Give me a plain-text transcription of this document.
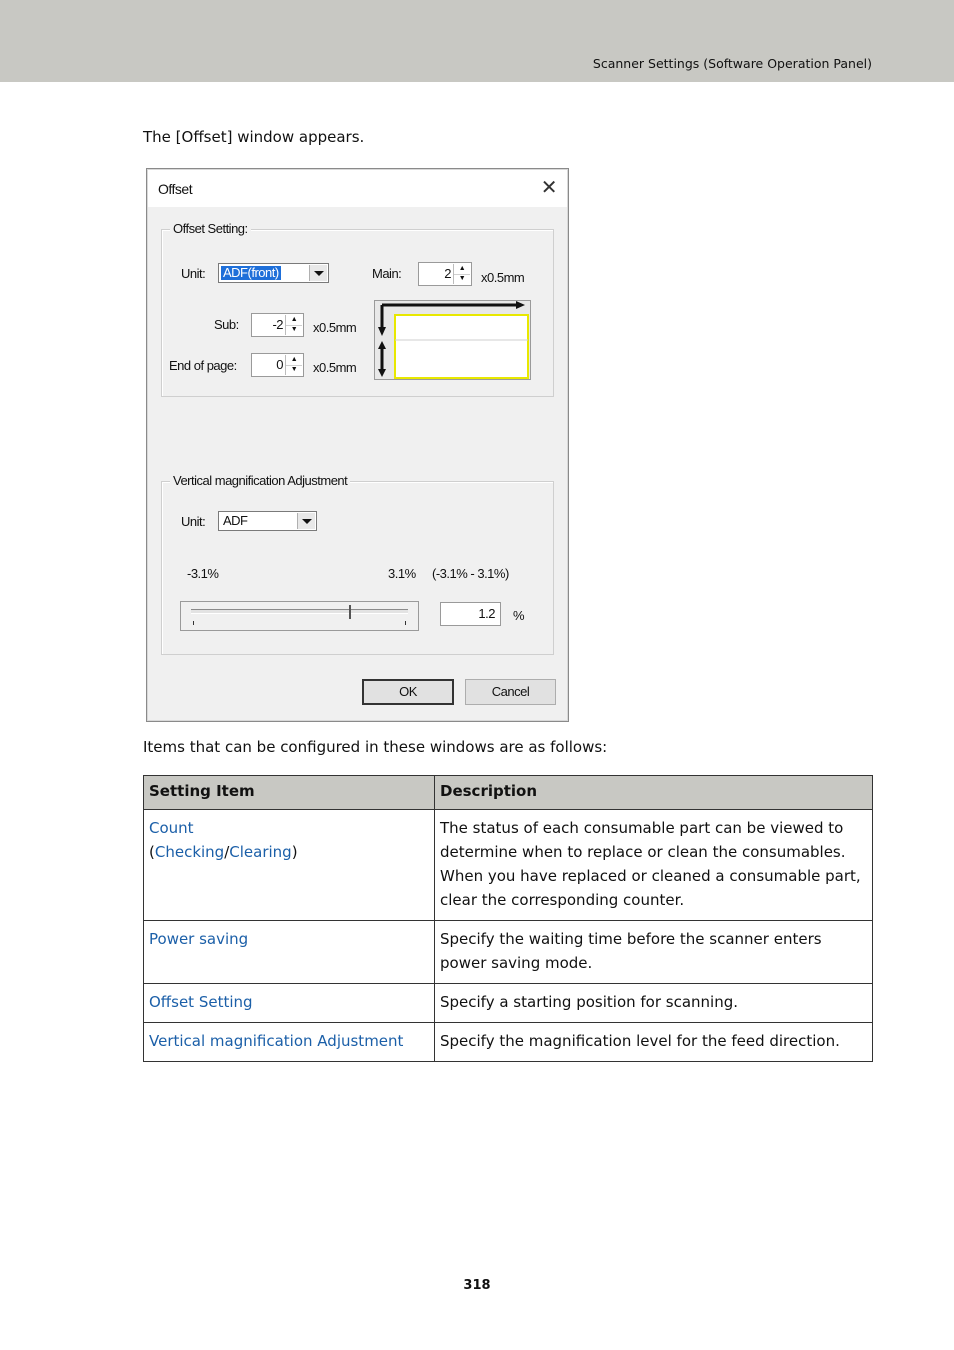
Scanner Settings (Software Operation Panel)
The [Offset] window appears.
Offset	✕
Offset Setting:
Unit: ADF(front)	Main:	2	▲
▼	x0.5mm
Sub:	-2	▲
▼	x0.5mm
End of page:	0	▲
▼	x0.5mm
Vertical magnification Adjustment
Unit: ADF
-3.1%	3.1% (-3.1% - 3.1%)
1.2 %
OK	Cancel
Items that can be configured in these windows are as follows:
Setting Item	Description
Count
(Checking/Clearing)	The status of each consumable part can be viewed to determine when to replace or clean the consumables. When you have replaced or cleaned a consumable part, clear the corresponding counter.
Power saving	Specify the waiting time before the scanner enters power saving mode.
Offset Setting	Specify a starting position for scanning.
Vertical magnification Adjustment	Specify the magnification level for the feed direction.
318
